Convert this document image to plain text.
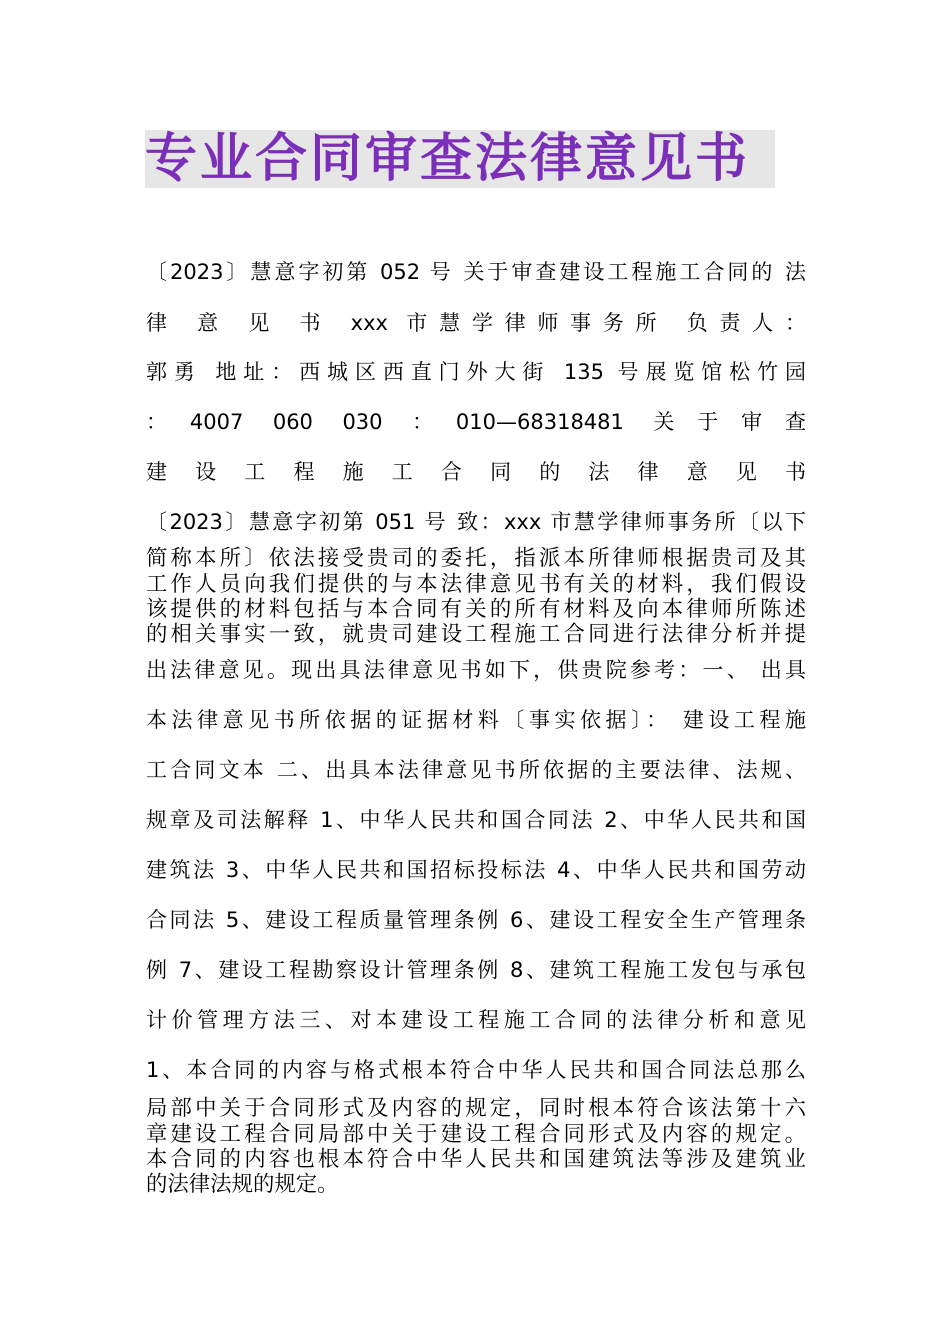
专业合同审查法律意见书
〔2023〕慧意字初第 052 号 关于审查建设工程施工合同的 法
律 意 见 书 xxx 市慧学律师事务所 负责人：
郭勇 地址：西城区西直门外大街 135 号展览馆松竹园
：4007 060 030 ：010—68318481 关于审查
建 设 工 程 施 工 合 同 的 法 律 意 见 书
〔2023〕慧意字初第 051 号 致：xxx 市慧学律师事务所〔以下
简称本所〕依法接受贵司的委托，指派本所律师根据贵司及其
工作人员向我们提供的与本法律意见书有关的材料，我们假设
该提供的材料包括与本合同有关的所有材料及向本律师所陈述
的相关事实一致，就贵司建设工程施工合同进行法律分析并提
出法律意见。现出具法律意见书如下，供贵院参考：一、 出具
本法律意见书所依据的证据材料〔事实依据〕： 建设工程施
工合同文本 二、出具本法律意见书所依据的主要法律、法规、
规章及司法解释 1、中华人民共和国合同法 2、中华人民共和国
建筑法 3、中华人民共和国招标投标法 4、中华人民共和国劳动
合同法 5、建设工程质量管理条例 6、建设工程安全生产管理条
例 7、建设工程勘察设计管理条例 8、建筑工程施工发包与承包
计价管理方法三、对本建设工程施工合同的法律分析和意见
1、本合同的内容与格式根本符合中华人民共和国合同法总那么
局部中关于合同形式及内容的规定，同时根本符合该法第十六
章建设工程合同局部中关于建设工程合同形式及内容的规定。
本合同的内容也根本符合中华人民共和国建筑法等涉及建筑业
的法律法规的规定。
